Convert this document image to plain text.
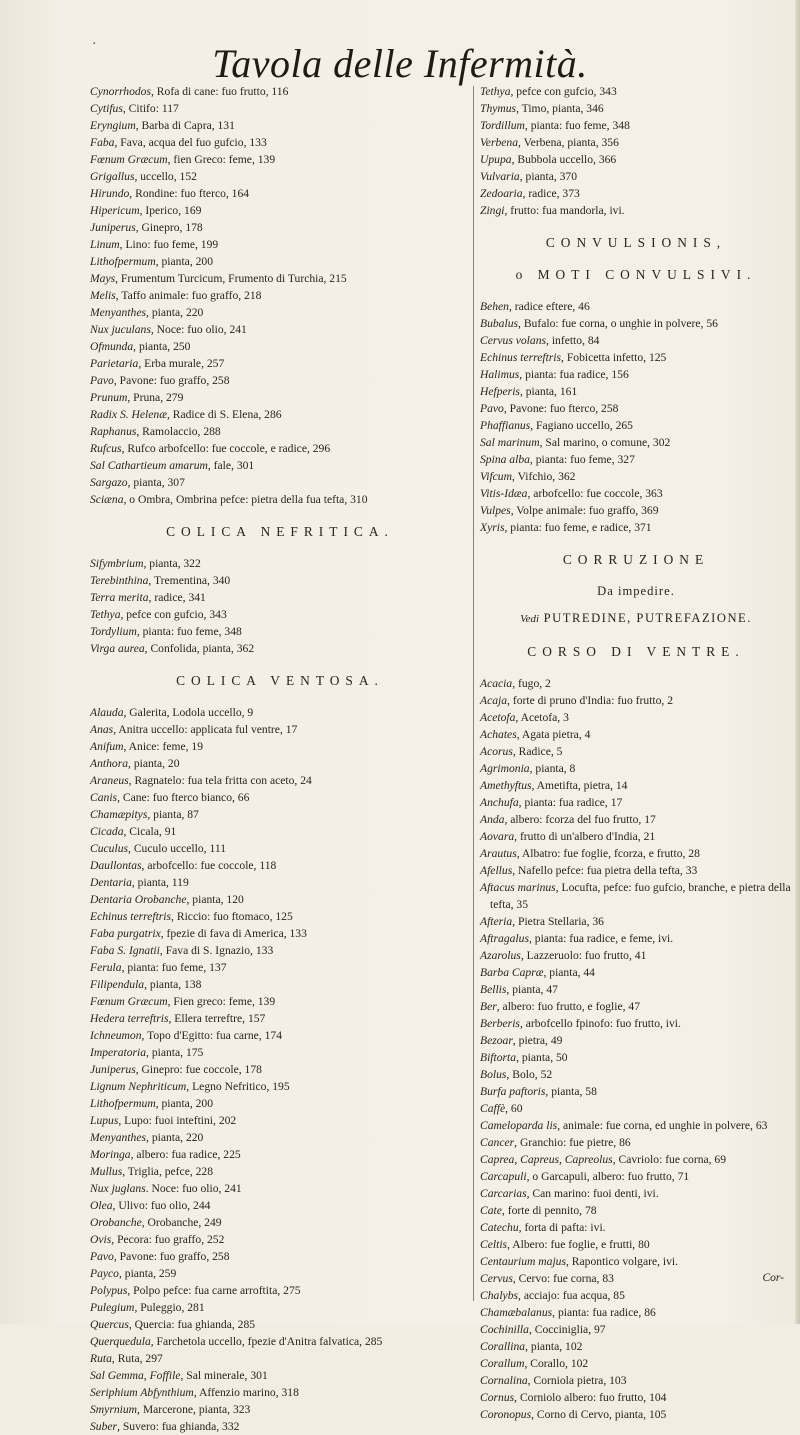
·	Tavola delle Infermità.
Cynorrhodos, Rofa di cane: fuo frutto, 116
Cytifus, Citifo: 117
Eryngium, Barba di Capra, 131
Faba, Fava, acqua del fuo gufcio, 133
Fœnum Græcum, fien Greco: feme, 139
Grigallus, uccello, 152
Hirundo, Rondine: fuo fterco, 164
Hipericum, Iperico, 169
Juniperus, Ginepro, 178
Linum, Lino: fuo feme, 199
Lithofpermum, pianta, 200
Mays, Frumentum Turcicum, Frumento di Turchia, 215
Melis, Taffo animale: fuo graffo, 218
Menyanthes, pianta, 220
Nux juculans, Noce: fuo olio, 241
Ofmunda, pianta, 250
Parietaria, Erba murale, 257
Pavo, Pavone: fuo graffo, 258
Prunum, Pruna, 279
Radix S. Helenæ, Radice di S. Elena, 286
Raphanus, Ramolaccio, 288
Rufcus, Rufco arbofcello: fue coccole, e radice, 296
Sal Cathartieum amarum, fale, 301
Sargazo, pianta, 307
Sciæna, o Ombra, Ombrina pefce: pietra della fua tefta, 310
COLICA NEFRITICA.
Sifymbrium, pianta, 322
Terebinthina, Trementina, 340
Terra merita, radice, 341
Tethya, pefce con gufcio, 343
Tordylium, pianta: fuo feme, 348
Virga aurea, Confolida, pianta, 362
COLICA VENTOSA.
Alauda, Galerita, Lodola uccello, 9
Anas, Anitra uccello: applicata ful ventre, 17
Anifum, Anice: feme, 19
Anthora, pianta, 20
Araneus, Ragnatelo: fua tela fritta con aceto, 24
Canis, Cane: fuo fterco bianco, 66
Chamæpitys, pianta, 87
Cicada, Cicala, 91
Cuculus, Cuculo uccello, 111
Daullontas, arbofcello: fue coccole, 118
Dentaria, pianta, 119
Dentaria Orobanche, pianta, 120
Echinus terreftris, Riccio: fuo ftomaco, 125
Faba purgatrix, fpezie di fava di America, 133
Faba S. Ignatii, Fava di S. Ignazio, 133
Ferula, pianta: fuo feme, 137
Filipendula, pianta, 138
Fœnum Græcum, Fien greco: feme, 139
Hedera terreftris, Ellera terreftre, 157
Ichneumon, Topo d'Egitto: fua carne, 174
Imperatoria, pianta, 175
Juniperus, Ginepro: fue coccole, 178
Lignum Nephriticum, Legno Nefritico, 195
Lithofpermum, pianta, 200
Lupus, Lupo: fuoi inteftini, 202
Menyanthes, pianta, 220
Moringa, albero: fua radice, 225
Mullus, Triglia, pefce, 228
Nux juglans. Noce: fuo olio, 241
Olea, Ulivo: fuo olio, 244
Orobanche, Orobanche, 249
Ovis, Pecora: fuo graffo, 252
Pavo, Pavone: fuo graffo, 258
Payco, pianta, 259
Polypus, Polpo pefce: fua carne arroftita, 275
Pulegium, Puleggio, 281
Quercus, Quercia: fua ghianda, 285
Querquedula, Farchetola uccello, fpezie d'Anitra falvatica, 285
Ruta, Ruta, 297
Sal Gemma, Foffile, Sal minerale, 301
Seriphium Abfynthium, Affenzio marino, 318
Smyrnium, Marcerone, pianta, 323
Suber, Suvero: fua ghianda, 332
Tethya, pefce con gufcio, 343
Thymus, Timo, pianta, 346
Tordillum, pianta: fuo feme, 348
Verbena, Verbena, pianta, 356
Upupa, Bubbola uccello, 366
Vulvaria, pianta, 370
Zedoaria, radice, 373
Zingi, frutto: fua mandorla, ivi.
CONVULSIONIS,
o MOTI CONVULSIVI.
Behen, radice eftere, 46
Bubalus, Bufalo: fue corna, o unghie in polvere, 56
Cervus volans, infetto, 84
Echinus terreftris, Fobicetta infetto, 125
Halimus, pianta: fua radice, 156
Hefperis, pianta, 161
Pavo, Pavone: fuo fterco, 258
Phaffianus, Fagiano uccello, 265
Sal marinum, Sal marino, o comune, 302
Spina alba, pianta: fuo feme, 327
Vifcum, Vifchio, 362
Vitis-Idæa, arbofcello: fue coccole, 363
Vulpes, Volpe animale: fuo graffo, 369
Xyris, pianta: fuo feme, e radice, 371
CORRUZIONE
Da impedire.
Vedi PUTREDINE, PUTREFAZIONE.
CORSO DI VENTRE.
Acacia, fugo, 2
Acaja, forte di pruno d'India: fuo frutto, 2
Acetofa, Acetofa, 3
Achates, Agata pietra, 4
Acorus, Radice, 5
Agrimonia, pianta, 8
Amethyftus, Ametifta, pietra, 14
Anchufa, pianta: fua radice, 17
Anda, albero: fcorza del fuo frutto, 17
Aovara, frutto di un'albero d'India, 21
Arautus, Albatro: fue foglie, fcorza, e frutto, 28
Afellus, Nafello pefce: fua pietra della tefta, 33
Aftacus marinus, Locufta, pefce: fuo gufcio, branche, e pietra della tefta, 35
Afteria, Pietra Stellaria, 36
Aftragalus, pianta: fua radice, e feme, ivi.
Azarolus, Lazzeruolo: fuo frutto, 41
Barba Capræ, pianta, 44
Bellis, pianta, 47
Ber, albero: fuo frutto, e foglie, 47
Berberis, arbofcello fpinofo: fuo frutto, ivi.
Bezoar, pietra, 49
Biftorta, pianta, 50
Bolus, Bolo, 52
Burfa paftoris, pianta, 58
Caffè, 60
Cameloparda lis, animale: fue corna, ed unghie in polvere, 63
Cancer, Granchio: fue pietre, 86
Caprea, Capreus, Capreolus, Cavriolo: fue corna, 69
Carcapuli, o Garcapuli, albero: fuo frutto, 71
Carcarias, Can marino: fuoi denti, ivi.
Cate, forte di pennito, 78
Catechu, forta di pafta: ivi.
Celtis, Albero: fue foglie, e frutti, 80
Centaurium majus, Rapontico volgare, ivi.
Cervus, Cervo: fue corna, 83
Chalybs, acciajo: fua acqua, 85
Chamæbalanus, pianta: fua radice, 86
Cochinilla, Cocciniglia, 97
Corallina, pianta, 102
Corallum, Corallo, 102
Cornalina, Corniola pietra, 103
Cornus, Corniolo albero: fuo frutto, 104
Coronopus, Corno di Cervo, pianta, 105
Cor-
